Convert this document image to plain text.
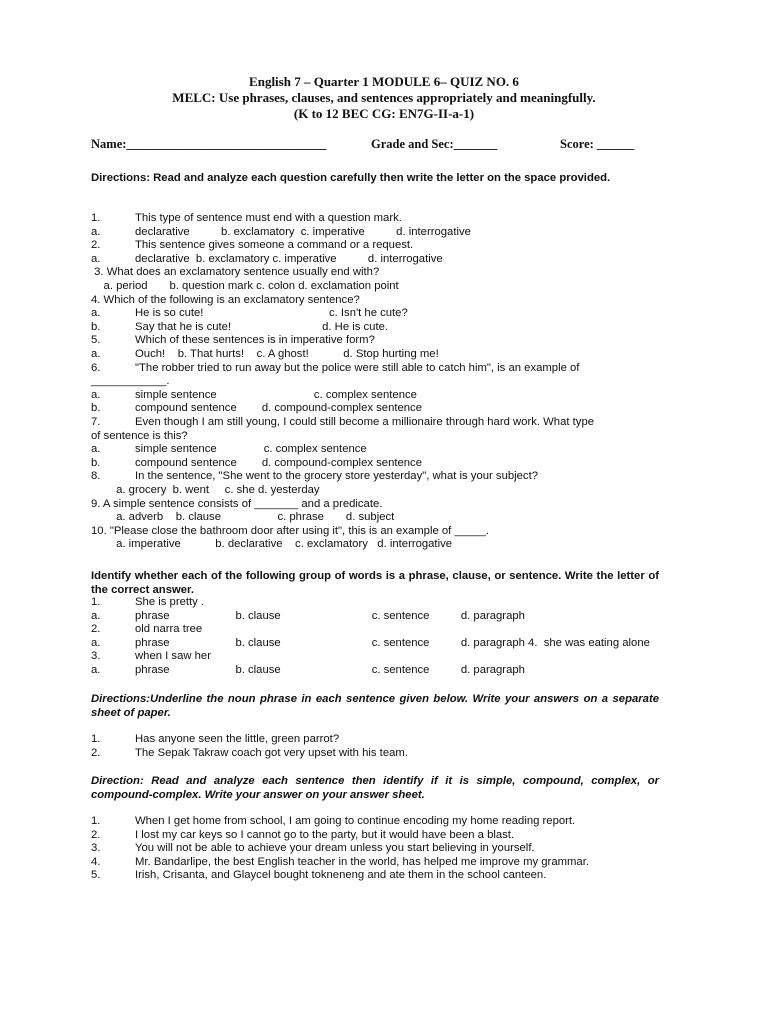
English 7 – Quarter 1 MODULE 6– QUIZ NO. 6
MELC: Use phrases, clauses, and sentences appropriately and meaningfully.
(K to 12 BEC CG: EN7G-II-a-1)
Name:________________________________	Grade and Sec:_______	Score: ______
Directions: Read and analyze each question carefully then write the letter on the space provided.
1.	This type of sentence must end with a question mark.
a.	declarative          b. exclamatory  c. imperative          d. interrogative
2.	This sentence gives someone a command or a request.
a.	declarative  b. exclamatory c. imperative          d. interrogative
3. What does an exclamatory sentence usually end with?
a. period       b. question mark c. colon d. exclamation point
4. Which of the following is an exclamatory sentence?
a.	He is so cute!                                        c. Isn't he cute?
b.	Say that he is cute!                             d. He is cute.
5.	Which of these sentences is in imperative form?
a.	Ouch!    b. That hurts!    c. A ghost!           d. Stop hurting me!
6.	"The robber tried to run away but the police were still able to catch him", is an example of
____________.
a.	simple sentence                               c. complex sentence
b.	compound sentence        d. compound-complex sentence
7.	Even though I am still young, I could still become a millionaire through hard work. What type
of sentence is this?
a.	simple sentence               c. complex sentence
b.	compound sentence        d. compound-complex sentence
8.	In the sentence, "She went to the grocery store yesterday", what is your subject?
a. grocery  b. went     c. she d. yesterday
9. A simple sentence consists of _______ and a predicate.
a. adverb    b. clause                  c. phrase       d. subject
10. "Please close the bathroom door after using it", this is an example of _____.
a. imperative           b. declarative    c. exclamatory   d. interrogative
Identify whether each of the following group of words is a phrase, clause, or sentence. Write the letter of the correct answer.
1.	She is pretty .
a.	phrase                     b. clause                             c. sentence          d. paragraph
2.	old narra tree
a.	phrase                     b. clause                             c. sentence          d. paragraph 4.  she was eating alone
3.	when I saw her
a.	phrase                     b. clause                             c. sentence          d. paragraph
Directions:Underline the noun phrase in each sentence given below. Write your answers on a separate sheet of paper.
1.	Has anyone seen the little, green parrot?
2.	The Sepak Takraw coach got very upset with his team.
Direction: Read and analyze each sentence then identify if it is simple, compound, complex, or compound-complex. Write your answer on your answer sheet.
1.	When I get home from school, I am going to continue encoding my home reading report.
2.	I lost my car keys so I cannot go to the party, but it would have been a blast.
3.	You will not be able to achieve your dream unless you start believing in yourself.
4.	Mr. Bandarlipe, the best English teacher in the world, has helped me improve my grammar.
5.	Irish, Crisanta, and Glaycel bought tokneneng and ate them in the school canteen.
